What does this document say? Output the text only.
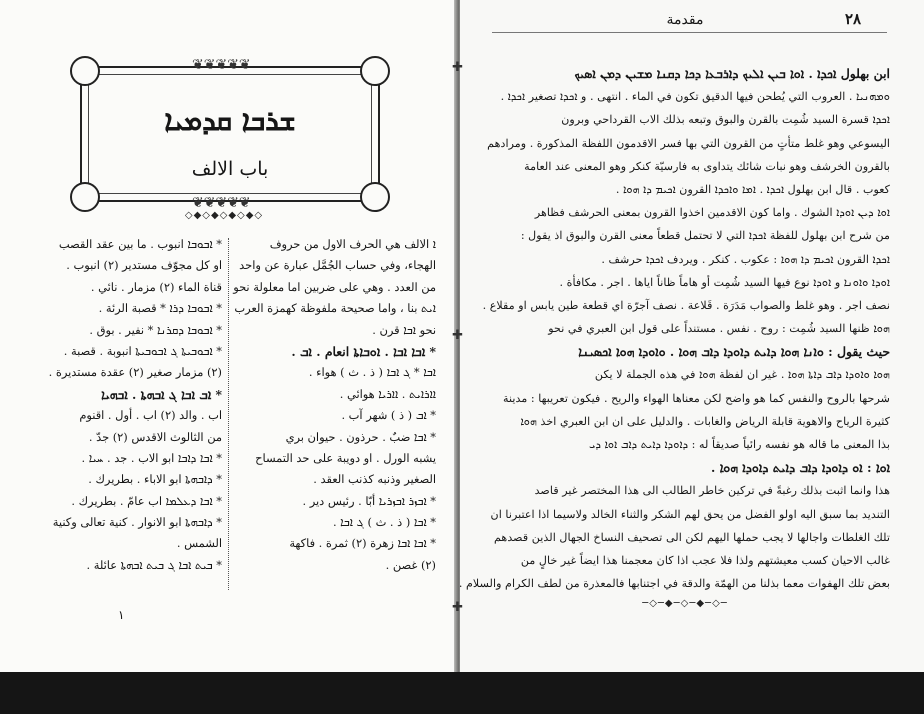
❦❦❦❦❦
❦❦❦❦❦
ܫܪܒܐ ܩܕܡܝܐ
باب الالف
◇◆◇◆◇◆◇◆◇
ܐ الالف هي الحرف الاول من حروف
الهجاء، وفي حساب الجُمَّل عبارة عن واحد
من العدد . وهي على ضربين اما معلولة نحو
ܐܝܬ بنا ، واما صحيحة ملفوظة كهمزة العرب
نحو ܐܒܐ قرن .
* ܐܒܐ ܐܒܐ . ܐܘܒܐܬܐ انعام . ܐܒ .
ܐܒܐ * ܓ ܐܒܐ ( ذ . ث ) هواء .
ܐܐܪܐܝܬ . ܐܐܪܝܐ هوائي .
* ܐܒ ( ذ ) شهر آب .
* ܐܒܐ ضبٌ . حرذون . حيوان بري
يشبه الورل . او دويبة على حد التمساح
الصغير وذنبه كذنب العقد .
* ܐܒܙܪ ܐܒܙܪܝܐ أبّا . رئيس دير .
* ܐܒܐ ( ذ . ث ) ܓ ܐܒܐ .
* ܐܒܐ ܐܒܐ زهرة (٢) ثمرة . فاكهة
(٢) غصن .
* ܐܒܘܒܐ انبوب . ما بين عقد القصب
او كل مجوّف مستدير (٢) انبوب .
قناة الماء (٢) مزمار . نائي .
* ܐܒܘܒܐ ܕܪܐ * قصبة الرئة .
* ܐܒܘܒܐ ܕܩܪܢܐ * نفير . بوق .
* ܐܒܘܒܝܬܐ ܓ ܐܒܘܒܝܬܐ انبوبة . قصبة .
(٢) مزمار صغير (٢) عقدة مستديرة .
* ܐܒ ܐܒܐ ܓ ܐܒܗܬܐ . ܐܒܗܝܐ
اب . والد (٢) اب . أول . اقنوم
من الثالوث الاقدس (٢) جدّ .
* ܐܒܐ ܕܐܒܐ ابو الاب . جد . ܚܝܐ .
* ܕܐܒܗܬܐ ابو الاباء . بطريرك .
* ܐܒܐ ܕܥܠܡܐ اب عامّ . بطريرك .
* ܕܐܒܗܬܐ ابو الانوار . كنية تعالى وكنية
الشمس .
* ܒܝܬ ܐܒܐ ܓ ܒܝܬ ܐܒܗܬܐ عائلة .
١
مقدمة	٢٨
✚
✚
✚
ابن بهلول ܐܟܕܐ . ܐܘܐ ܒܝܢ ܐܠܝܟ ܕܐܪܒܥܐ ܕܟܐ ܕܩܢܐ ܡܫܝܢ ܕܡܢ ܐܣܝܟ
ܘܡܗܢܝܐ . العروب التي يُطحن فيها الدقيق تكون في الماء . انتهى . و ܐܟܕܐ تصغير ܐܟܕܐ .
ܐܟܕܐ قسرة السيد شُمِت بالقرن والبوق وتبعه بذلك الاب القرداحي وبرون
اليسوعي وهو غلط متأتٍ من القرون التي بها فسر الاقدمون اللفظة المذكورة . ومرادهم
بالقرون الخرشف وهو نبات شائك يتداوى به فارسيّة كنكر وهو المعنى عند العامة
كعوب . قال ابن بهلول ܐܟܕܐ . ܐܡܐ ܘܐܟܕܐ القرون ܐܟܝܡ ܕܐ ܗܘܐ .
ܐܘܐ ܕܝܢ ܐܘܕܐ الشوك . واما كون الاقدمين اخذوا القرون بمعنى الحرشف فظاهر
من شرح ابن بهلول للفظة ܐܟܕܐ التي لا تحتمل قطعاً معنى القرن والبوق اذ يقول :
ܐܟܕܐ القرون ܐܟܝܡ ܕܐ ܗܘܐ : عكوب . كنكر . ويردف ܐܟܕܐ حرشف .
ܐܘܕܐ ܘܐܘܢܐ و ܐܘܕܐ نوع فيها السيد شُمِت أو هاماً ظاناً اياها . اجر . مكافأة .
نصف اجر . وهو غلط والصواب مَدَرَة . قَلاعة . نصف آجرّة اي قطعة طين يابس او مقلاع .
ܗܘܐ ظنها السيد شُمِت : روح . نفس . مستنداً على قول ابن العبري في نحو
حيث يقول : ܘܐܢܐ ܗܘܐ ܕܐܝܬ ܕܐܘܕܐ ܕܐܒ ܗܘܐ . ܘܐܘܕܐ ܗܘܐ ܐܟܣܝܢܐ
ܗܘܐ ܘܐܘܕܐ ܕܐܒ ܕܐܬܐ ܗܘܐ . غير ان لفظة ܗܘܐ في هذه الجملة لا يكن
شرحها بالروح والنفس كما هو واضح لكن معناها الهواء والريح . فيكون تعريبها : مدينة
كثيرة الرياح والاهوية قابلة الرياض والغابات . والدليل على ان ابن العبري اخذ ܗܘܐ
بذا المعنى ما قاله هو نفسه رائياً صديقاً له : ܕܐܘܕܐ ܕܐܝܬ ܕܐܒ ܐܘܐ ܕܝ
ܐܘܐ : ܐܘ ܕܐܘܕܐ ܕܐܒ ܕܐܝܬ ܕܐܘܕܐ ܗܘܐ .
هذا وانما اثبت بذلك رغبةً في تركين خاطر الطالب الى هذا المختصر غير قاصد
التنديد بما سبق اليه اولو الفضل من يحق لهم الشكر والثناء الخالد ولاسيما اذا اعتبرنا ان
تلك الغلطات واجالها لا يجب حملها اليهم لكن الى تصحيف النساخ الجهال الذين قصدهم
غالب الاحيان كسب معيشتهم ولذا فلا عجب اذا كان معجمنا هذا ايضاً غير خالٍ من
بعض تلك الهفوات معما بذلنا من الهمّة والدقة في اجتنابها فالمعذرة من لطف الكرام والسلام .
─◇─◆─◇─◆─◇─
